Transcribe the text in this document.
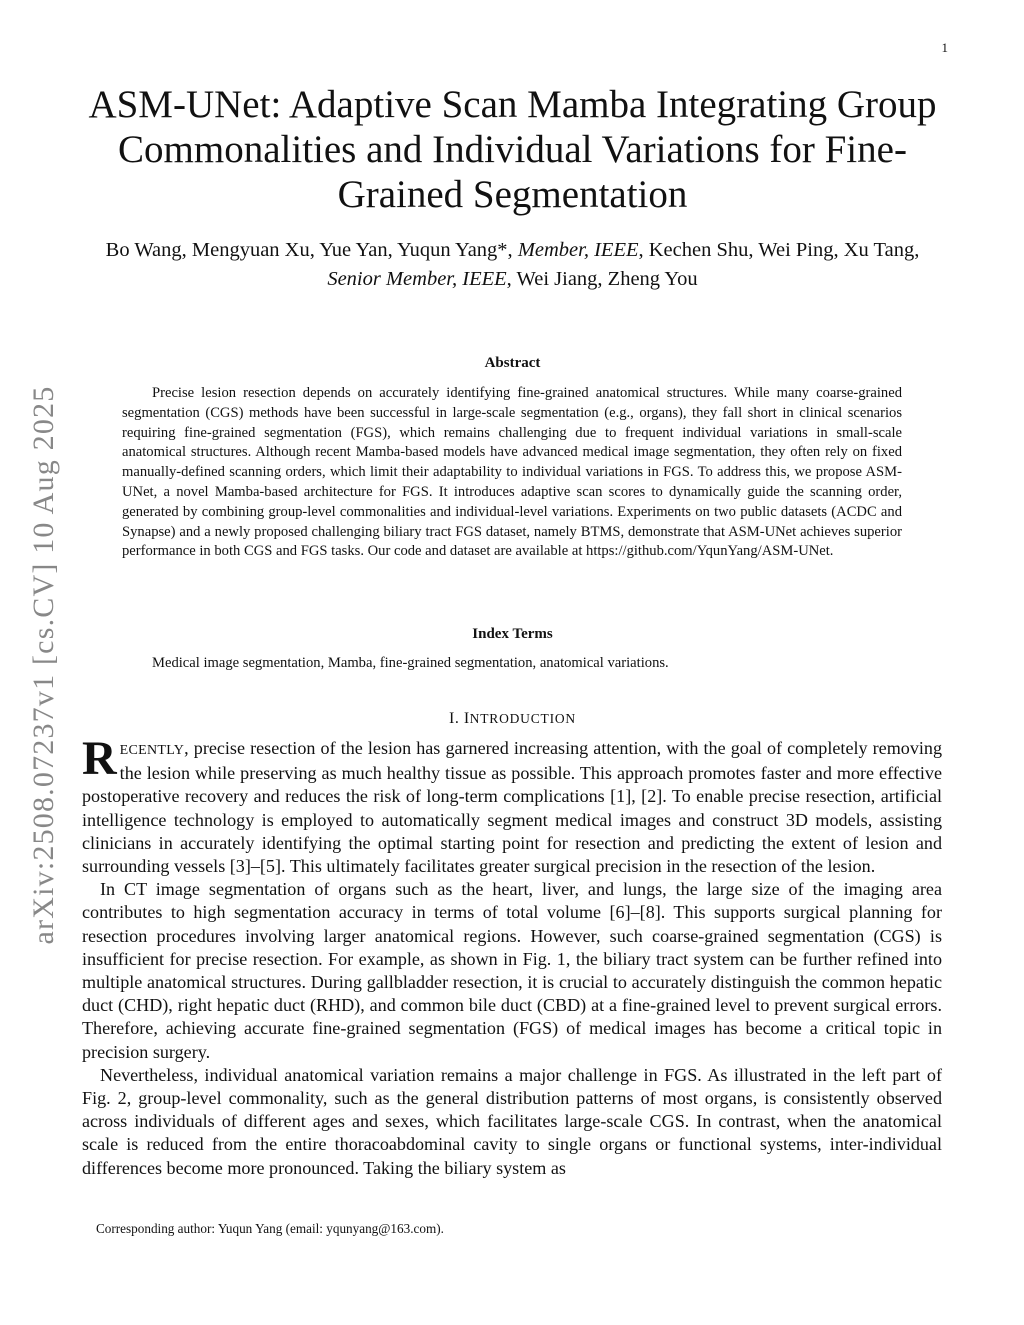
1
arXiv:2508.07237v1 [cs.CV] 10 Aug 2025
ASM-UNet: Adaptive Scan Mamba Integrating Group Commonalities and Individual Variations for Fine-Grained Segmentation
Bo Wang, Mengyuan Xu, Yue Yan, Yuqun Yang*, Member, IEEE, Kechen Shu, Wei Ping, Xu Tang, Senior Member, IEEE, Wei Jiang, Zheng You
Abstract

Precise lesion resection depends on accurately identifying fine-grained anatomical structures. While many coarse-grained segmentation (CGS) methods have been successful in large-scale segmentation (e.g., organs), they fall short in clinical scenarios requiring fine-grained segmentation (FGS), which remains challenging due to frequent individual variations in small-scale anatomical structures. Although recent Mamba-based models have advanced medical image segmentation, they often rely on fixed manually-defined scanning orders, which limit their adaptability to individual variations in FGS. To address this, we propose ASM-UNet, a novel Mamba-based architecture for FGS. It introduces adaptive scan scores to dynamically guide the scanning order, generated by combining group-level commonalities and individual-level variations. Experiments on two public datasets (ACDC and Synapse) and a newly proposed challenging biliary tract FGS dataset, namely BTMS, demonstrate that ASM-UNet achieves superior performance in both CGS and FGS tasks. Our code and dataset are available at https://github.com/YqunYang/ASM-UNet.

Index Terms
Medical image segmentation, Mamba, fine-grained segmentation, anatomical variations.
I. INTRODUCTION

RECENTLY, precise resection of the lesion has garnered increasing attention, with the goal of completely removing the lesion while preserving as much healthy tissue as possible. This approach promotes faster and more effective postoperative recovery and reduces the risk of long-term complications [1], [2]. To enable precise resection, artificial intelligence technology is employed to automatically segment medical images and construct 3D models, assisting clinicians in accurately identifying the optimal starting point for resection and predicting the extent of lesion and surrounding vessels [3]–[5]. This ultimately facilitates greater surgical precision in the resection of the lesion.

In CT image segmentation of organs such as the heart, liver, and lungs, the large size of the imaging area contributes to high segmentation accuracy in terms of total volume [6]–[8]. This supports surgical planning for resection procedures involving larger anatomical regions. However, such coarse-grained segmentation (CGS) is insufficient for precise resection. For example, as shown in Fig. 1, the biliary tract system can be further refined into multiple anatomical structures. During gallbladder resection, it is crucial to accurately distinguish the common hepatic duct (CHD), right hepatic duct (RHD), and common bile duct (CBD) at a fine-grained level to prevent surgical errors. Therefore, achieving accurate fine-grained segmentation (FGS) of medical images has become a critical topic in precision surgery.

Nevertheless, individual anatomical variation remains a major challenge in FGS. As illustrated in the left part of Fig. 2, group-level commonality, such as the general distribution patterns of most organs, is consistently observed across individuals of different ages and sexes, which facilitates large-scale CGS. In contrast, when the anatomical scale is reduced from the entire thoracoabdominal cavity to single organs or functional systems, inter-individual differences become more pronounced. Taking the biliary system as

Corresponding author: Yuqun Yang (email: yqunyang@163.com).
